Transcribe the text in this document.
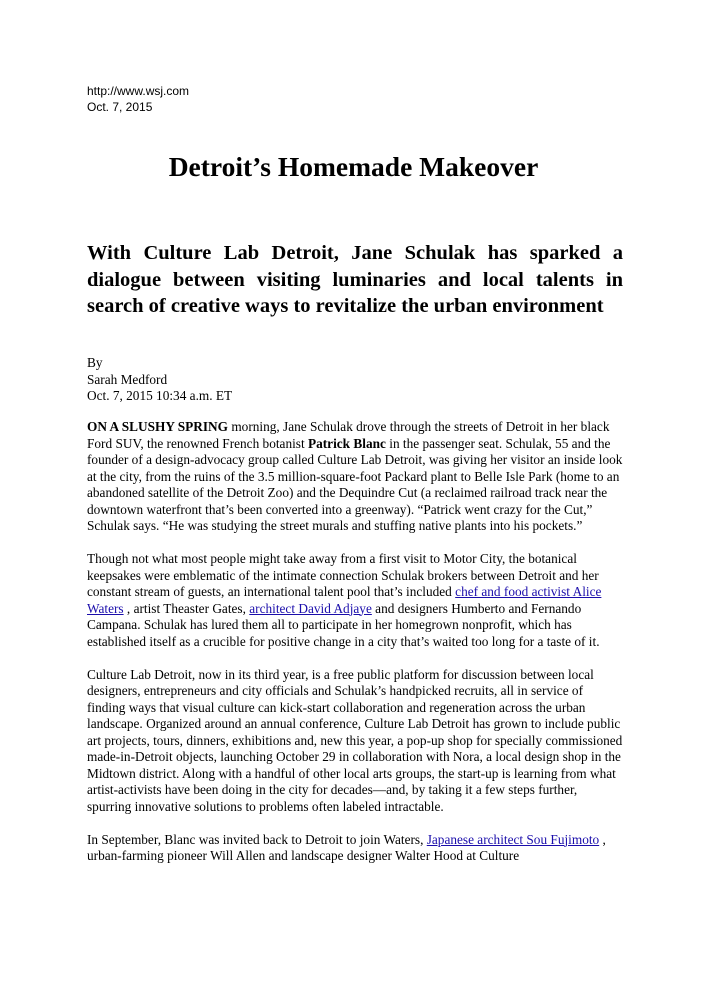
http://www.wsj.com
Oct. 7, 2015
Detroit’s Homemade Makeover
With Culture Lab Detroit, Jane Schulak has sparked a dialogue between visiting luminaries and local talents in search of creative ways to revitalize the urban environment
By
Sarah Medford
Oct. 7, 2015 10:34 a.m. ET

ON A SLUSHY SPRING morning, Jane Schulak drove through the streets of Detroit in her black Ford SUV, the renowned French botanist Patrick Blanc in the passenger seat. Schulak, 55 and the founder of a design-advocacy group called Culture Lab Detroit, was giving her visitor an inside look at the city, from the ruins of the 3.5 million-square-foot Packard plant to Belle Isle Park (home to an abandoned satellite of the Detroit Zoo) and the Dequindre Cut (a reclaimed railroad track near the downtown waterfront that’s been converted into a greenway). “Patrick went crazy for the Cut,” Schulak says. “He was studying the street murals and stuffing native plants into his pockets.”

Though not what most people might take away from a first visit to Motor City, the botanical keepsakes were emblematic of the intimate connection Schulak brokers between Detroit and her constant stream of guests, an international talent pool that’s included chef and food activist Alice Waters , artist Theaster Gates, architect David Adjaye and designers Humberto and Fernando Campana. Schulak has lured them all to participate in her homegrown nonprofit, which has established itself as a crucible for positive change in a city that’s waited too long for a taste of it.

Culture Lab Detroit, now in its third year, is a free public platform for discussion between local designers, entrepreneurs and city officials and Schulak’s handpicked recruits, all in service of finding ways that visual culture can kick-start collaboration and regeneration across the urban landscape. Organized around an annual conference, Culture Lab Detroit has grown to include public art projects, tours, dinners, exhibitions and, new this year, a pop-up shop for specially commissioned made-in-Detroit objects, launching October 29 in collaboration with Nora, a local design shop in the Midtown district. Along with a handful of other local arts groups, the start-up is learning from what artist-activists have been doing in the city for decades—and, by taking it a few steps further, spurring innovative solutions to problems often labeled intractable.

In September, Blanc was invited back to Detroit to join Waters, Japanese architect Sou Fujimoto , urban-farming pioneer Will Allen and landscape designer Walter Hood at Culture
